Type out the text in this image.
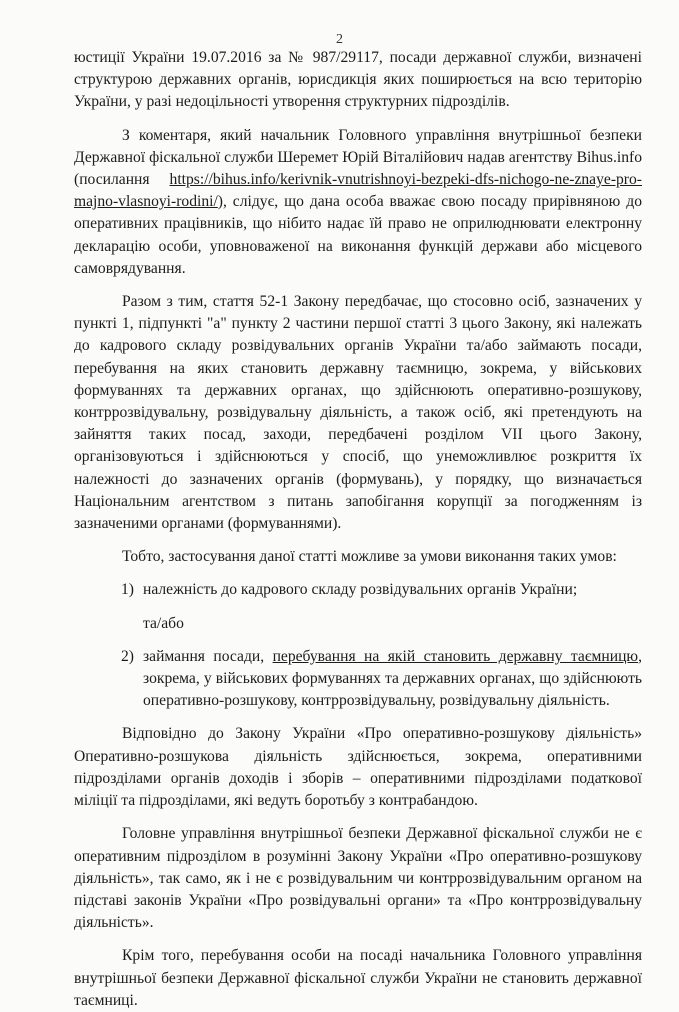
2

юстиції України 19.07.2016 за № 987/29117, посади державної служби, визначені структурою державних органів, юрисдикція яких поширюється на всю територію України, у разі недоцільності утворення структурних підрозділів.

З коментаря, який начальник Головного управління внутрішньої безпеки Державної фіскальної служби Шеремет Юрій Віталійович надав агентству Bihus.info (посилання https://bihus.info/kerivnik-vnutrishnoyi-bezpeki-dfs-nichogo-ne-znaye-pro-majno-vlasnoyi-rodini/), слідує, що дана особа вважає свою посаду прирівняною до оперативних працівників, що нібито надає їй право не оприлюднювати електронну декларацію особи, уповноваженої на виконання функцій держави або місцевого самоврядування.

Разом з тим, стаття 52-1 Закону передбачає, що стосовно осіб, зазначених у пункті 1, підпункті "а" пункту 2 частини першої статті 3 цього Закону, які належать до кадрового складу розвідувальних органів України та/або займають посади, перебування на яких становить державну таємницю, зокрема, у військових формуваннях та державних органах, що здійснюють оперативно-розшукову, контррозвідувальну, розвідувальну діяльність, а також осіб, які претендують на зайняття таких посад, заходи, передбачені розділом VII цього Закону, організовуються і здійснюються у спосіб, що унеможливлює розкриття їх належності до зазначених органів (формувань), у порядку, що визначається Національним агентством з питань запобігання корупції за погодженням із зазначеними органами (формуваннями).

Тобто, застосування даної статті можливе за умови виконання таких умов:

1) належність до кадрового складу розвідувальних органів України;

та/або

2) займання посади, перебування на якій становить державну таємницю, зокрема, у військових формуваннях та державних органах, що здійснюють оперативно-розшукову, контррозвідувальну, розвідувальну діяльність.

Відповідно до Закону України «Про оперативно-розшукову діяльність» Оперативно-розшукова діяльність здійснюється, зокрема, оперативними підрозділами органів доходів і зборів – оперативними підрозділами податкової міліції та підрозділами, які ведуть боротьбу з контрабандою.

Головне управління внутрішньої безпеки Державної фіскальної служби не є оперативним підрозділом в розумінні Закону України «Про оперативно-розшукову діяльність», так само, як і не є розвідувальним чи контррозвідувальним органом на підставі законів України «Про розвідувальні органи» та «Про контррозвідувальну діяльність».

Крім того, перебування особи на посаді начальника Головного управління внутрішньої безпеки Державної фіскальної служби України не становить державної таємниці.
